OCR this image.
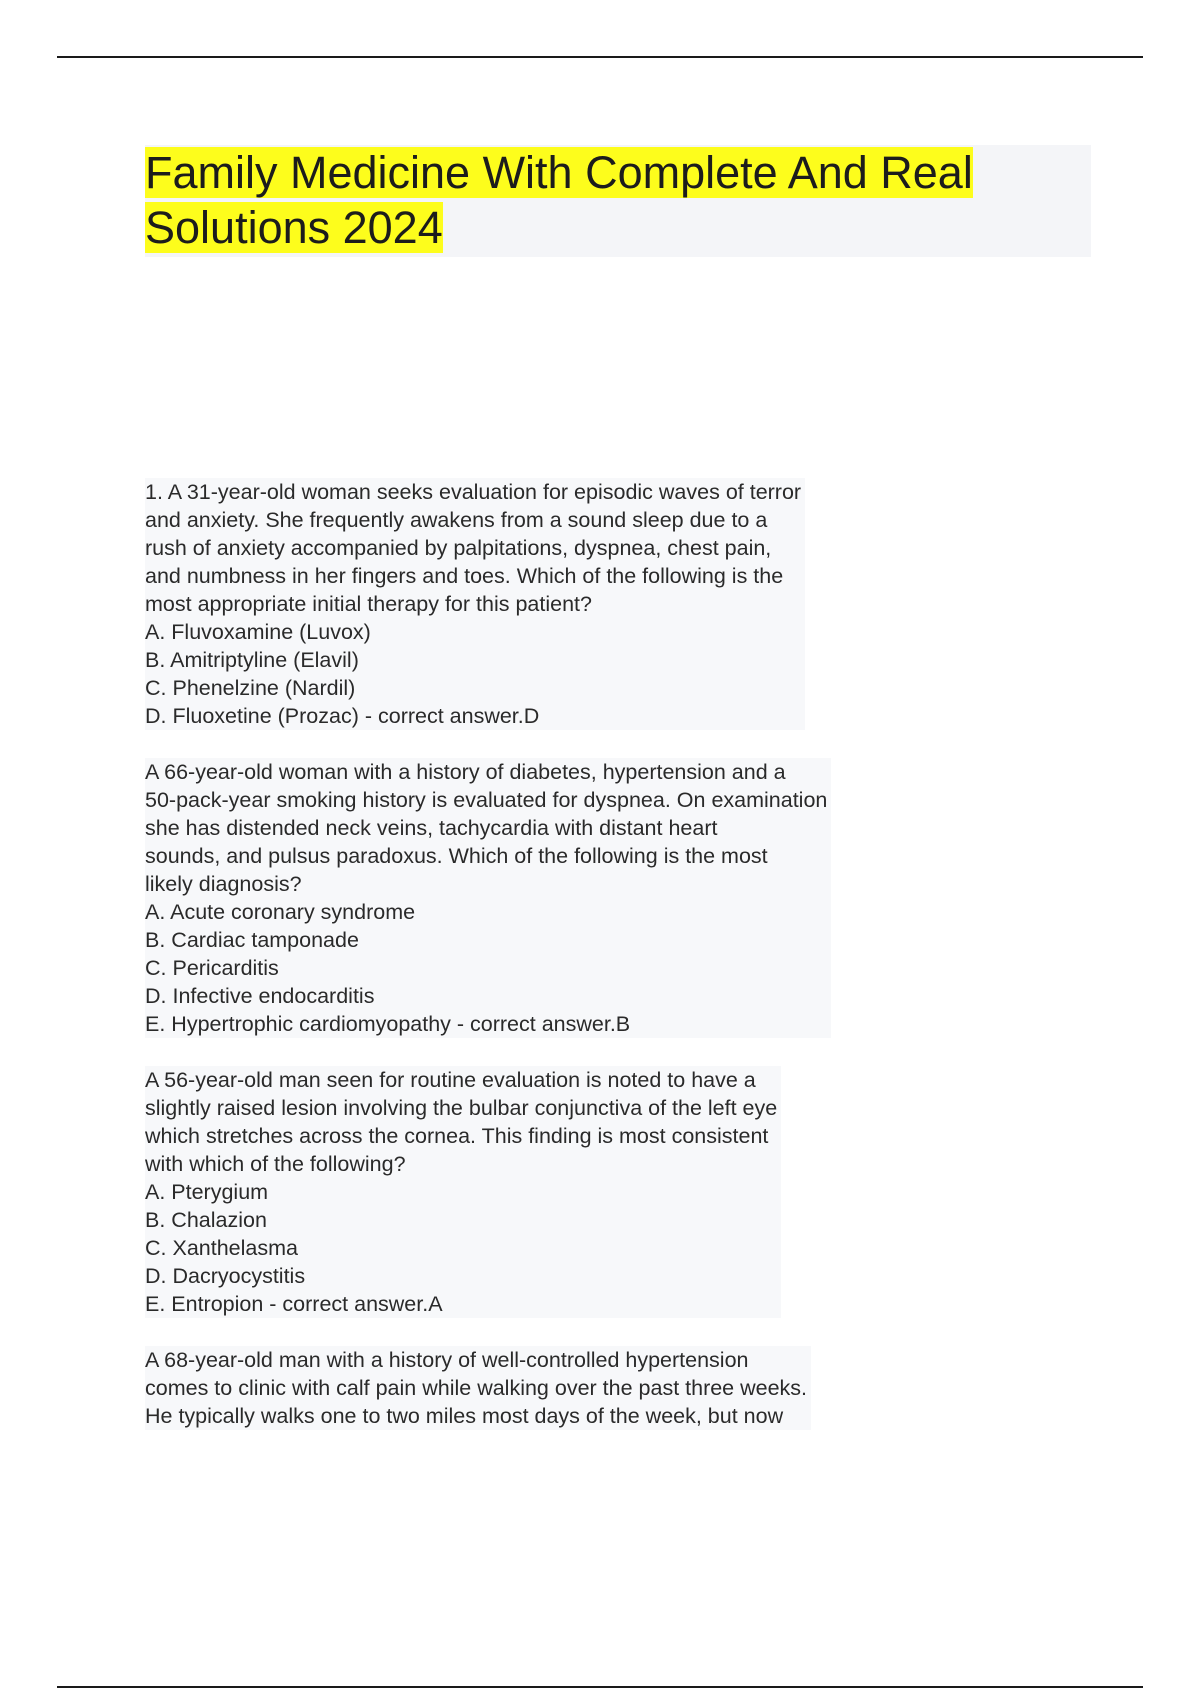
Family Medicine With Complete And Real
Solutions 2024
1. A 31-year-old woman seeks evaluation for episodic waves of terror
and anxiety. She frequently awakens from a sound sleep due to a
rush of anxiety accompanied by palpitations, dyspnea, chest pain,
and numbness in her fingers and toes. Which of the following is the
most appropriate initial therapy for this patient?
A. Fluvoxamine (Luvox)
B. Amitriptyline (Elavil)
C. Phenelzine (Nardil)
D. Fluoxetine (Prozac) - correct answer.D
A 66-year-old woman with a history of diabetes, hypertension and a
50-pack-year smoking history is evaluated for dyspnea. On examination
she has distended neck veins, tachycardia with distant heart
sounds, and pulsus paradoxus. Which of the following is the most
likely diagnosis?
A. Acute coronary syndrome
B. Cardiac tamponade
C. Pericarditis
D. Infective endocarditis
E. Hypertrophic cardiomyopathy - correct answer.B
A 56-year-old man seen for routine evaluation is noted to have a
slightly raised lesion involving the bulbar conjunctiva of the left eye
which stretches across the cornea. This finding is most consistent
with which of the following?
A. Pterygium
B. Chalazion
C. Xanthelasma
D. Dacryocystitis
E. Entropion - correct answer.A
A 68-year-old man with a history of well-controlled hypertension
comes to clinic with calf pain while walking over the past three weeks.
He typically walks one to two miles most days of the week, but now
